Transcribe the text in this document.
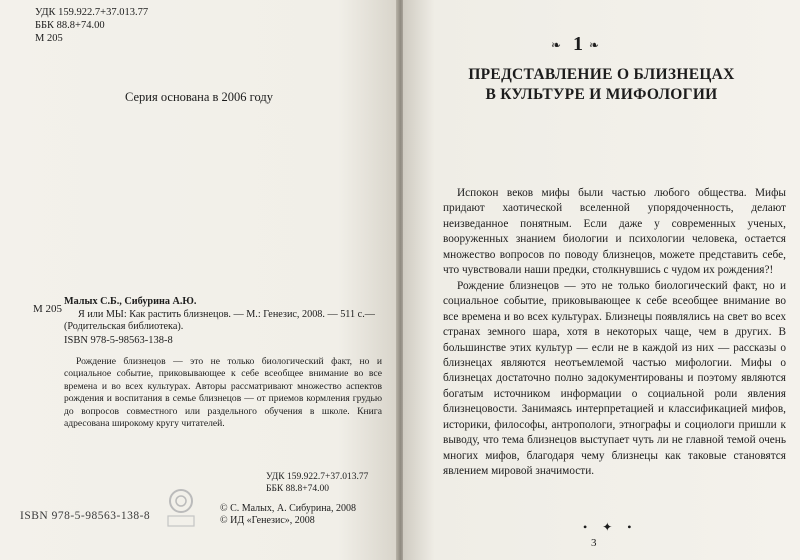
УДК 159.922.7+37.013.77
ББК 88.8+74.00
М 205
Серия основана в 2006 году
М 205

Малых С.Б., Сибурина А.Ю.

Я или МЫ: Как растить близнецов. — М.: Генезис, 2008. — 511 с.—

(Родительская библиотека).

ISBN 978-5-98563-138-8

Рождение близнецов — это не только биологический факт, но и социальное событие, приковывающее к себе всеобщее внимание во все времена и во всех культурах. Авторы рассматривают множество аспектов рождения и воспитания в семье близнецов — от приемов кормления грудью до вопросов совместного или раздельного обучения в школе. Книга адресована широкому кругу читателей.

УДК 159.922.7+37.013.77
ББК 88.8+74.00
© С. Малых, А. Сибурина, 2008
© ИД «Генезис», 2008
ISBN 978-5-98563-138-8
❧ 1 ❧
ПРЕДСТАВЛЕНИЕ О БЛИЗНЕЦАХ
В КУЛЬТУРЕ И МИФОЛОГИИ

Испокон веков мифы были частью любого общества. Мифы придают хаотической вселенной упорядоченность, делают неизведанное понятным. Если даже у современных ученых, вооруженных знанием биологии и психологии человека, остается множество вопросов по поводу близнецов, можете представить себе, что чувствовали наши предки, столкнувшись с чудом их рождения?!
Рождение близнецов — это не только биологический факт, но и социальное событие, приковывающее к себе всеобщее внимание во все времена и во всех культурах. Близнецы появлялись на свет во всех странах земного шара, хотя в некоторых чаще, чем в других. В большинстве этих культур — если не в каждой из них — рассказы о близнецах являются неотъемлемой частью мифологии. Мифы о близнецах достаточно полно задокументированы и поэтому являются богатым источником информации о социальной роли явления близнецовости. Занимаясь интерпретацией и классификацией мифов, историки, философы, антропологи, этнографы и социологи пришли к выводу, что тема близнецов выступает чуть ли не главной темой очень многих мифов, благодаря чему близнецы как таковые становятся явлением мировой значимости.

• ✦ •
3
